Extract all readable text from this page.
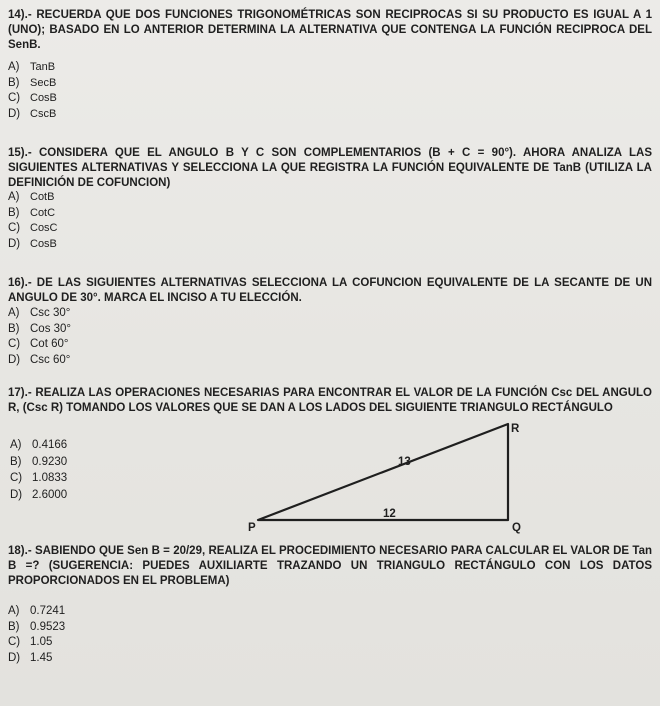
14).- RECUERDA QUE DOS FUNCIONES TRIGONOMÉTRICAS SON RECIPROCAS SI SU PRODUCTO ES IGUAL A 1 (UNO); BASADO EN LO ANTERIOR DETERMINA LA ALTERNATIVA QUE CONTENGA LA FUNCIÓN RECIPROCA DEL SenB.
A) TanB
B) SecB
C) CosB
D) CscB
15).- CONSIDERA QUE EL ANGULO B Y C SON COMPLEMENTARIOS (B + C = 90°). AHORA ANALIZA LAS SIGUIENTES ALTERNATIVAS Y SELECCIONA LA QUE REGISTRA LA FUNCIÓN EQUIVALENTE DE TanB (UTILIZA LA DEFINICIÓN DE COFUNCION)
A) CotB
B) CotC
C) CosC
D) CosB
16).- DE LAS SIGUIENTES ALTERNATIVAS SELECCIONA LA COFUNCION EQUIVALENTE DE LA SECANTE DE UN ANGULO DE 30°. MARCA EL INCISO A TU ELECCIÓN.
A) Csc 30°
B) Cos 30°
C) Cot 60°
D) Csc 60°
17).- REALIZA LAS OPERACIONES NECESARIAS PARA ENCONTRAR EL VALOR DE LA FUNCIÓN Csc DEL ANGULO R, (Csc R) TOMANDO LOS VALORES QUE SE DAN A LOS LADOS DEL SIGUIENTE TRIANGULO RECTÁNGULO
A) 0.4166
B) 0.9230
C) 1.0833
D) 2.6000
R
P	Q
13
12
18).- SABIENDO QUE Sen B = 20/29, REALIZA EL PROCEDIMIENTO NECESARIO PARA CALCULAR EL VALOR DE Tan B =? (SUGERENCIA: PUEDES AUXILIARTE TRAZANDO UN TRIANGULO RECTÁNGULO CON LOS DATOS PROPORCIONADOS EN EL PROBLEMA)
A) 0.7241
B) 0.9523
C) 1.05
D) 1.45
